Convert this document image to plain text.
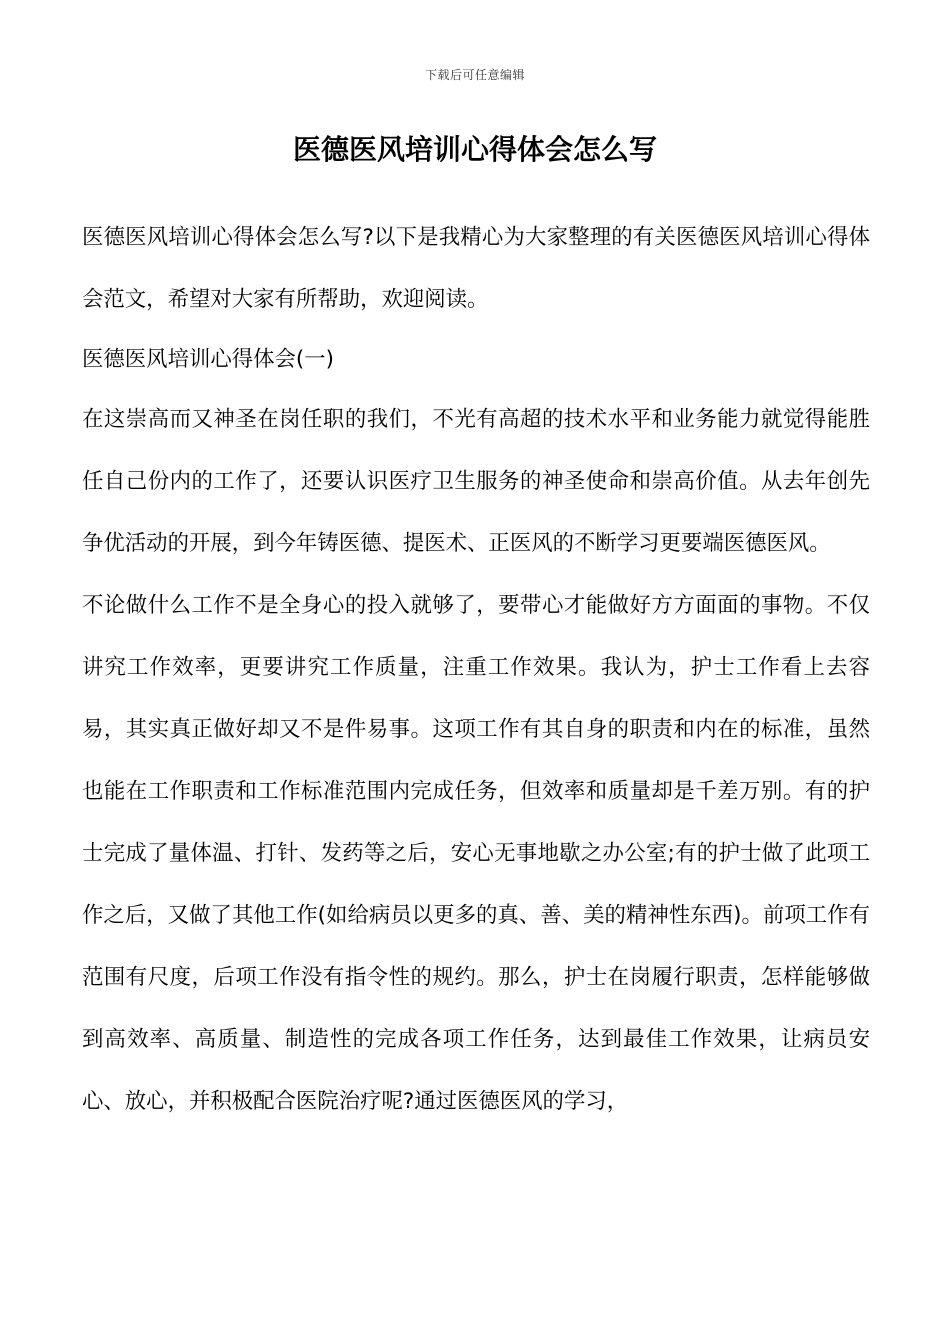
下载后可任意编辑
医德医风培训心得体会怎么写

医德医风培训心得体会怎么写?以下是我精心为大家整理的有关医德医风培训心得体会范文，希望对大家有所帮助，欢迎阅读。

医德医风培训心得体会(一)

在这崇高而又神圣在岗任职的我们，不光有高超的技术水平和业务能力就觉得能胜任自己份内的工作了，还要认识医疗卫生服务的神圣使命和崇高价值。从去年创先争优活动的开展，到今年铸医德、提医术、正医风的不断学习更要端医德医风。

不论做什么工作不是全身心的投入就够了，要带心才能做好方方面面的事物。不仅讲究工作效率，更要讲究工作质量，注重工作效果。我认为，护士工作看上去容易，其实真正做好却又不是件易事。这项工作有其自身的职责和内在的标准，虽然也能在工作职责和工作标准范围内完成任务，但效率和质量却是千差万别。有的护士完成了量体温、打针、发药等之后，安心无事地歇之办公室;有的护士做了此项工作之后，又做了其他工作(如给病员以更多的真、善、美的精神性东西)。前项工作有范围有尺度，后项工作没有指令性的规约。那么，护士在岗履行职责，怎样能够做到高效率、高质量、制造性的完成各项工作任务，达到最佳工作效果，让病员安心、放心，并积极配合医院治疗呢?通过医德医风的学习，
